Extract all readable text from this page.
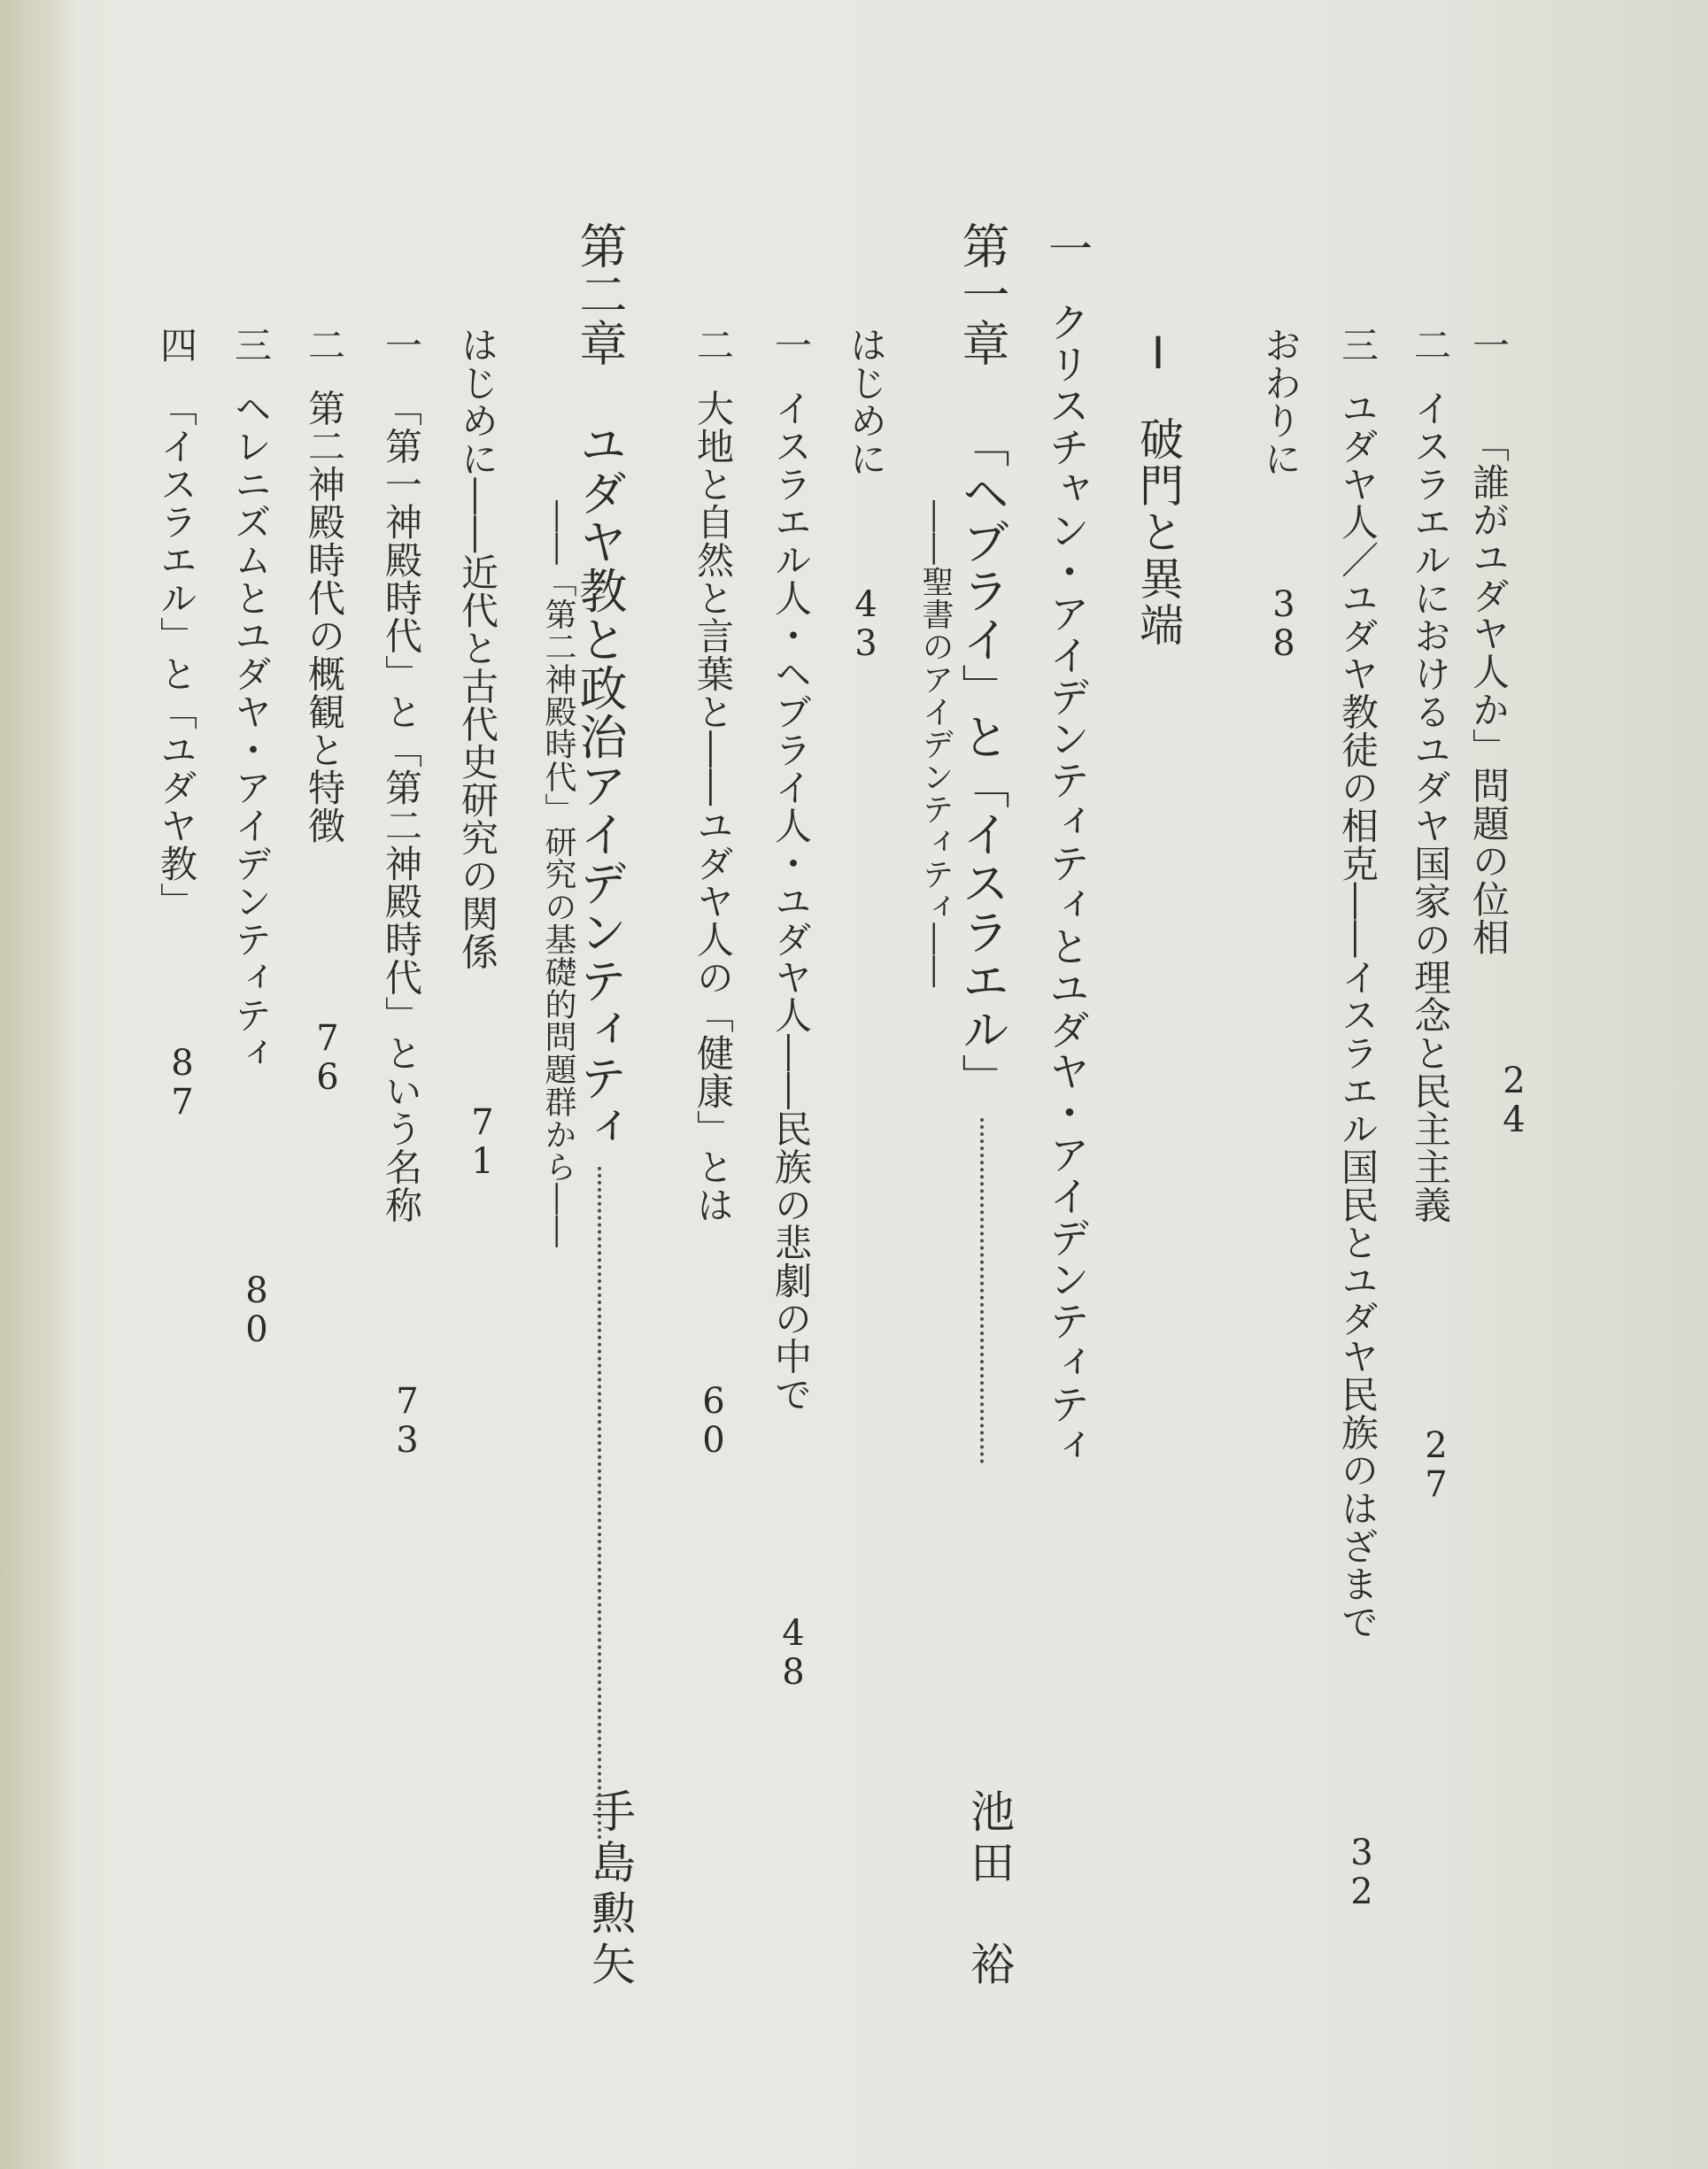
一 「誰がユダヤ人か」問題の位相
24
二 イスラエルにおけるユダヤ国家の理念と民主主義
27
三 ユダヤ人／ユダヤ教徒の相克――イスラエル国民とユダヤ民族のはざまで
32
おわりに
38
Ⅰ
破門と異端
一 クリスチャン・アイデンティティとユダヤ・アイデンティティ
第一章 「ヘブライ」と「イスラエル」
池田　裕
――聖書のアイデンティティ――
はじめに
43
一 イスラエル人・ヘブライ人・ユダヤ人――民族の悲劇の中で
48
二 大地と自然と言葉と――ユダヤ人の「健康」とは
60
第二章 ユダヤ教と政治アイデンティティ
手島勲矢
――「第二神殿時代」研究の基礎的問題群から――
はじめに――近代と古代史研究の関係
71
一 「第一神殿時代」と「第二神殿時代」という名称
73
二 第二神殿時代の概観と特徴
76
三 ヘレニズムとユダヤ・アイデンティティ
80
四 「イスラエル」と「ユダヤ教」
87
